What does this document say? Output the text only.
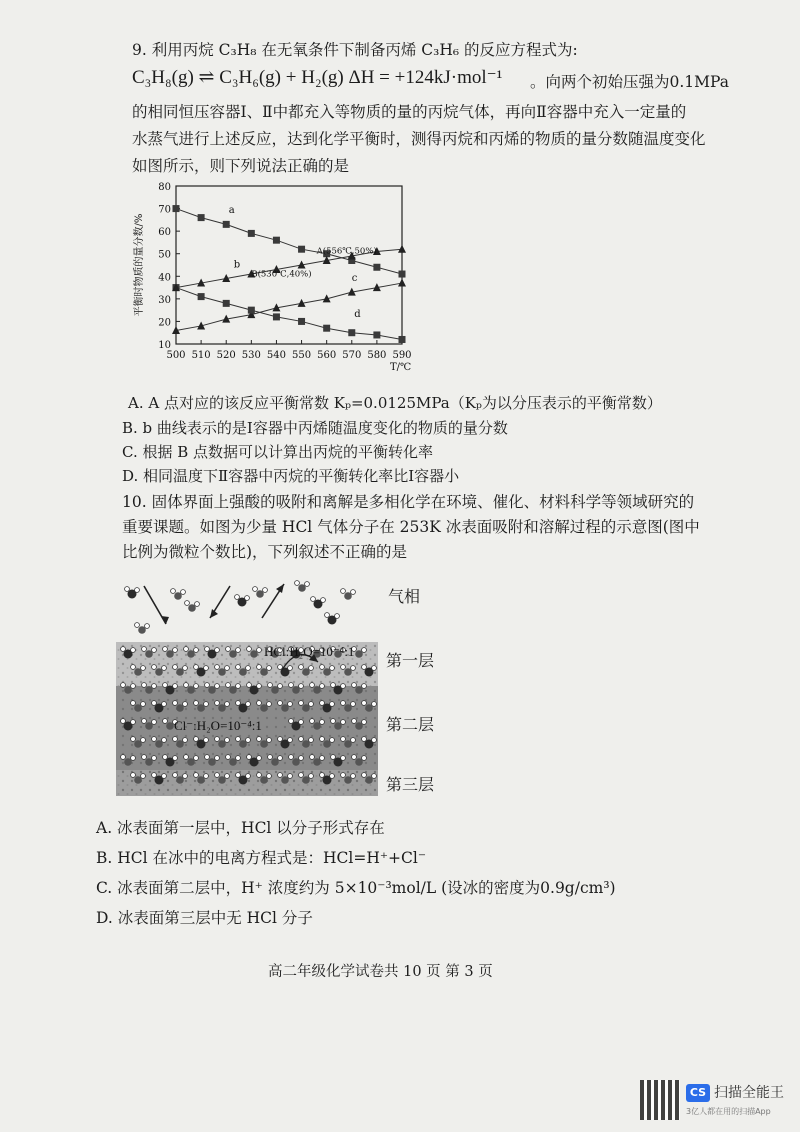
9. 利用丙烷 C₃H₈ 在无氧条件下制备丙烯 C₃H₆ 的反应方程式为:
C₃H₈(g) ⇌ C₃H₆(g) + H₂(g) ΔH = +124kJ·mol⁻¹ 。向两个初始压强为0.1MPa
的相同恒压容器Ⅰ、Ⅱ中都充入等物质的量的丙烷气体，再向Ⅱ容器中充入一定量的
水蒸气进行上述反应，达到化学平衡时，测得丙烷和丙烯的物质的量分数随温度变化
如图所示，则下列说法正确的是
10
20
30
40
50
60
70
80
500 510 520 530 540 550 560 570 580 590
T/℃
平衡时物质的量分数/%	A(556℃,50%)
B(530℃,40%)
a
b
c
d
A. A 点对应的该反应平衡常数 Kₚ=0.0125MPa（Kₚ为以分压表示的平衡常数）
B. b 曲线表示的是Ⅰ容器中丙烯随温度变化的物质的量分数
C. 根据 B 点数据可以计算出丙烷的平衡转化率
D. 相同温度下Ⅱ容器中丙烷的平衡转化率比Ⅰ容器小
10. 固体界面上强酸的吸附和离解是多相化学在环境、催化、材料科学等领域研究的
重要课题。如图为少量 HCl 气体分子在 253K 冰表面吸附和溶解过程的示意图(图中
比例为微粒个数比)，下列叙述不正确的是
HCl:H₂O=10⁻⁴:1
Cl⁻:H₂O=10⁻⁴:1
气相
第一层
第二层
第三层
A. 冰表面第一层中，HCl 以分子形式存在
B. HCl 在冰中的电离方程式是：HCl=H⁺+Cl⁻
C. 冰表面第二层中，H⁺ 浓度约为 5×10⁻³mol/L (设冰的密度为0.9g/cm³)
D. 冰表面第三层中无 HCl 分子
高二年级化学试卷共 10 页 第 3 页
CS 扫描全能王
3亿人都在用的扫描App
